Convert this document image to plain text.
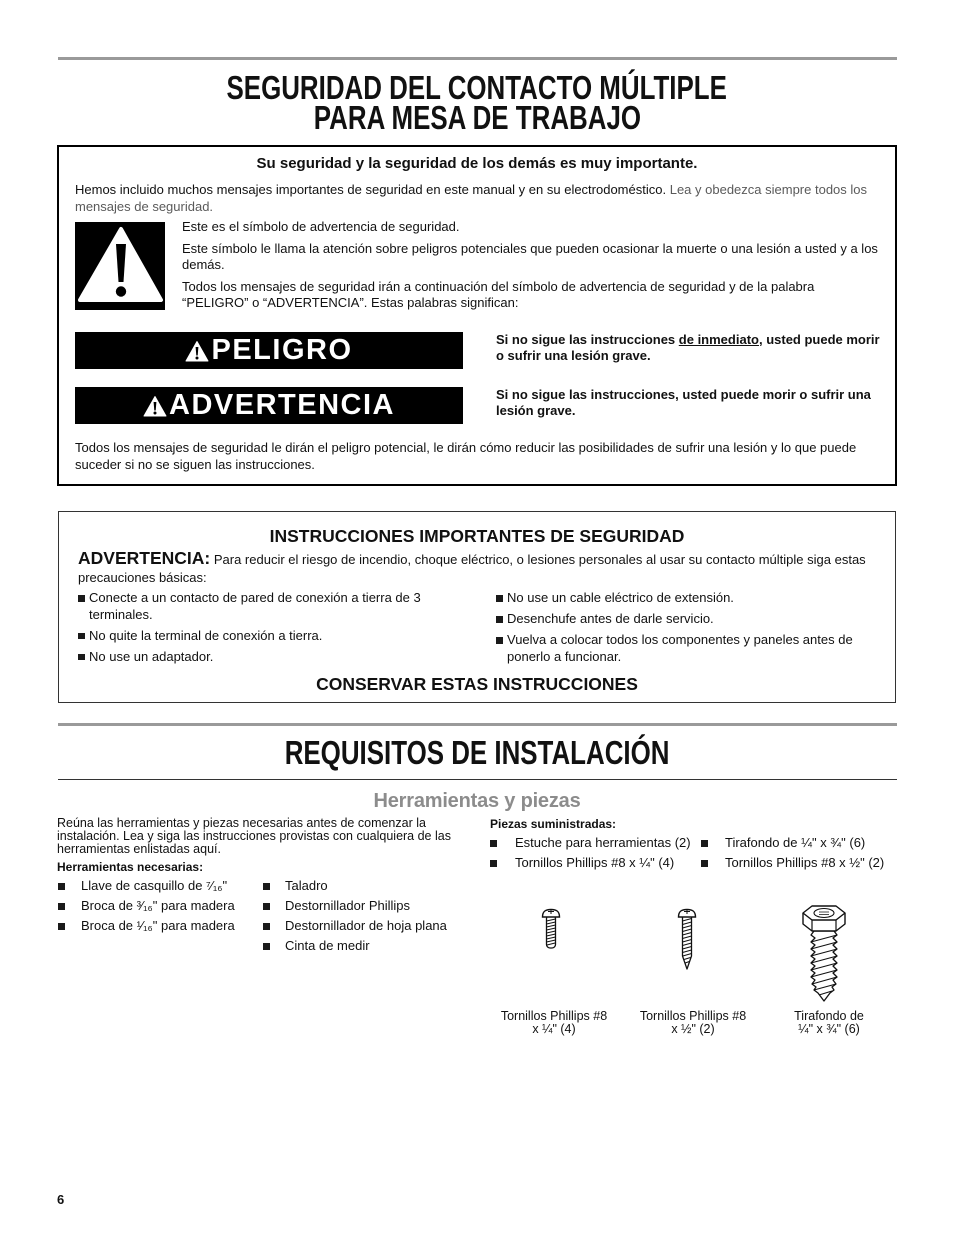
SEGURIDAD DEL CONTACTO MÚLTIPLE
PARA MESA DE TRABAJO
Su seguridad y la seguridad de los demás es muy importante.

Hemos incluido muchos mensajes importantes de seguridad en este manual y en su electrodoméstico. Lea y obedezca siempre todos los mensajes de seguridad.

Este es el símbolo de advertencia de seguridad.

Este símbolo le llama la atención sobre peligros potenciales que pueden ocasionar la muerte o una lesión a usted y a los demás.

Todos los mensajes de seguridad irán a continuación del símbolo de advertencia de seguridad y de la palabra “PELIGRO” o “ADVERTENCIA”. Estas palabras significan:

PELIGRO	Si no sigue las instrucciones de inmediato, usted puede morir o sufrir una lesión grave.

ADVERTENCIA	Si no sigue las instrucciones, usted puede morir o sufrir una lesión grave.

Todos los mensajes de seguridad le dirán el peligro potencial, le dirán cómo reducir las posibilidades de sufrir una lesión y lo que puede suceder si no se siguen las instrucciones.

INSTRUCCIONES IMPORTANTES DE SEGURIDAD

ADVERTENCIA: Para reducir el riesgo de incendio, choque eléctrico, o lesiones personales al usar su contacto múltiple siga estas precauciones básicas:

Conecte a un contacto de pared de conexión a tierra de 3 terminales.
No quite la terminal de conexión a tierra.
No use un adaptador.
No use un cable eléctrico de extensión.
Desenchufe antes de darle servicio.
Vuelva a colocar todos los componentes y paneles antes de ponerlo a funcionar.
CONSERVAR ESTAS INSTRUCCIONES
REQUISITOS DE INSTALACIÓN
Herramientas y piezas

Reúna las herramientas y piezas necesarias antes de comenzar la instalación. Lea y siga las instrucciones provistas con cualquiera de las herramientas enlistadas aquí.

Herramientas necesarias:
Llave de casquillo de ⁷⁄₁₆"
Broca de ³⁄₁₆" para madera
Broca de ¹⁄₁₆" para madera
Taladro
Destornillador Phillips
Destornillador de hoja plana
Cinta de medir
Piezas suministradas:
Estuche para herramientas (2)
Tornillos Phillips #8 x ¼" (4)
Tirafondo de ¼" x ¾" (6)
Tornillos Phillips #8 x ½" (2)
Tornillos Phillips #8
x ¼" (4)
Tornillos Phillips #8
x ½" (2)
Tirafondo de
¼" x ¾" (6)
6
